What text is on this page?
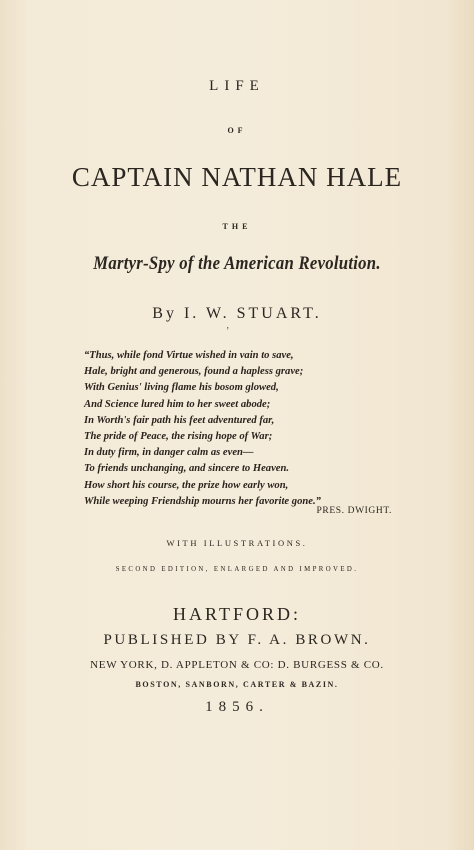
LIFE
OF
CAPTAIN NATHAN HALE
THE
Martyr-Spy of the American Revolution.
By I. W. STUART.
ʼ
“Thus, while fond Virtue wished in vain to save,
Hale, bright and generous, found a hapless grave;
With Genius' living flame his bosom glowed,
And Science lured him to her sweet abode;
In Worth's fair path his feet adventured far,
The pride of Peace, the rising hope of War;
In duty firm, in danger calm as even—
To friends unchanging, and sincere to Heaven.
How short his course, the prize how early won,
While weeping Friendship mourns her favorite gone.”
PRES. DWIGHT.
WITH ILLUSTRATIONS.
SECOND EDITION, ENLARGED AND IMPROVED.
HARTFORD:
PUBLISHED BY F. A. BROWN.
NEW YORK, D. APPLETON & CO: D. BURGESS & CO.
BOSTON, SANBORN, CARTER & BAZIN.
1856.
